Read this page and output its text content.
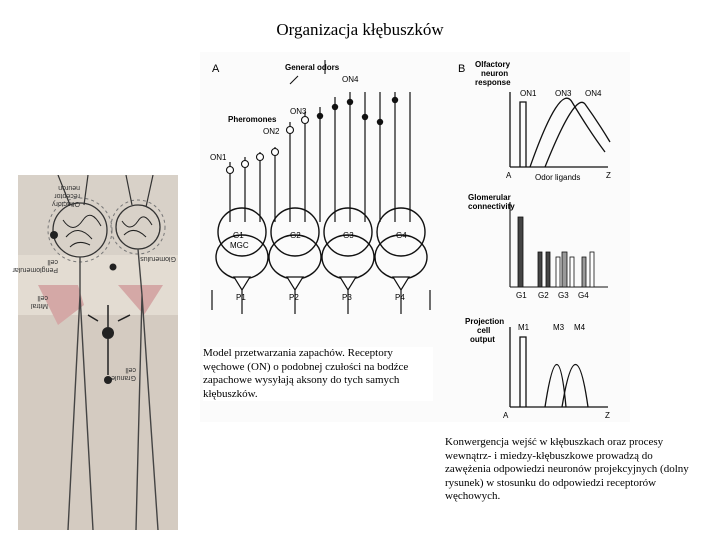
Organizacja kłębuszków
Olfactory receptor neuron
Glomerulus
Periglomerular cell
Mitral cell
Granule cell
A	General odors
Pheromones
ON4
ON3
ON2
ON1
G1
MGC
G2	G3	G4
P1	P2	P3	P4
B Olfactory
neuron
response
ON1 ON3 ON4
A	Odor ligands	Z
Glomerular
connectivity
G1 G2 G3 G4
Projection
cell
output
M1	M3 M4
A	Z
Model przetwarzania zapachów. Receptory węchowe (ON) o podobnej czułości na bodźce zapachowe wysyłają aksony do tych samych kłębuszków.
Konwergencja wejść w kłębuszkach oraz procesy wewnątrz- i miedzy-kłębuszkowe prowadzą do zawężenia odpowiedzi neuronów projekcyjnych (dolny rysunek) w stosunku do odpowiedzi receptorów węchowych.
